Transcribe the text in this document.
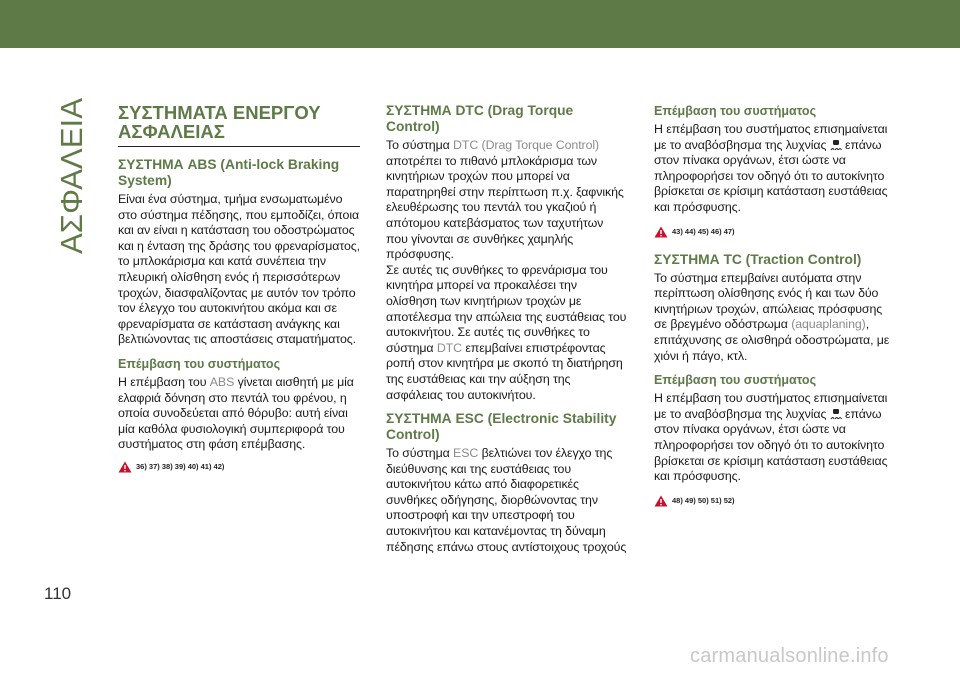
ΑΣΦΑΛΕΙΑ
110
ΣΥΣΤΗΜΑΤΑ ΕΝΕΡΓΟΥ ΑΣΦΑΛΕΙΑΣ
ΣΥΣΤΗΜΑ ABS (Anti-lock Braking System)

Είναι ένα σύστημα, τμήμα ενσωματωμένο στο σύστημα πέδησης, που εμποδίζει, όποια και αν είναι η κατάσταση του οδοστρώματος και η ένταση της δράσης του φρεναρίσματος, το μπλοκάρισμα και κατά συνέπεια την πλευρική ολίσθηση ενός ή περισσότερων τροχών, διασφαλίζοντας με αυτόν τον τρόπο τον έλεγχο του αυτοκινήτου ακόμα και σε φρεναρίσματα σε κατάσταση ανάγκης και βελτιώνοντας τις αποστάσεις σταματήματος.

Επέμβαση του συστήματος

Η επέμβαση του ABS γίνεται αισθητή με μία ελαφριά δόνηση στο πεντάλ του φρένου, η οποία συνοδεύεται από θόρυβο: αυτή είναι μία καθόλα φυσιολογική συμπεριφορά του συστήματος στη φάση επέμβασης.

36) 37) 38) 39) 40) 41) 42)
ΣΥΣΤΗΜΑ DTC (Drag Torque Control)

Το σύστημα DTC (Drag Torque Control) αποτρέπει το πιθανό μπλοκάρισμα των κινητήριων τροχών που μπορεί να παρατηρηθεί στην περίπτωση π.χ. ξαφνικής ελευθέρωσης του πεντάλ του γκαζιού ή απότομου κατεβάσματος των ταχυτήτων που γίνονται σε συνθήκες χαμηλής πρόσφυσης.

Σε αυτές τις συνθήκες το φρενάρισμα του κινητήρα μπορεί να προκαλέσει την ολίσθηση των κινητήριων τροχών με αποτέλεσμα την απώλεια της ευστάθειας του αυτοκινήτου. Σε αυτές τις συνθήκες το σύστημα DTC επεμβαίνει επιστρέφοντας ροπή στον κινητήρα με σκοπό τη διατήρηση της ευστάθειας και την αύξηση της ασφάλειας του αυτοκινήτου.

ΣΥΣΤΗΜΑ ESC (Electronic Stability Control)

Το σύστημα ESC βελτιώνει τον έλεγχο της διεύθυνσης και της ευστάθειας του αυτοκινήτου κάτω από διαφορετικές συνθήκες οδήγησης, διορθώνοντας την υποστροφή και την υπεστροφή του αυτοκινήτου και κατανέμοντας τη δύναμη πέδησης επάνω στους αντίστοιχους τροχούς

Επέμβαση του συστήματος

Η επέμβαση του συστήματος επισημαίνεται με το αναβόσβησμα της λυχνίας
επάνω στον πίνακα οργάνων, έτσι ώστε να πληροφορήσει τον οδηγό ότι το αυτοκίνητο βρίσκεται σε κρίσιμη κατάσταση ευστάθειας και πρόσφυσης.

43) 44) 45) 46) 47)
ΣΥΣΤΗΜΑ TC (Traction Control)

Το σύστημα επεμβαίνει αυτόματα στην περίπτωση ολίσθησης ενός ή και των δύο κινητήριων τροχών, απώλειας πρόσφυσης σε βρεγμένο οδόστρωμα (aquaplaning), επιτάχυνσης σε ολισθηρά οδοστρώματα, με χιόνι ή πάγο, κτλ.

Επέμβαση του συστήματος

Η επέμβαση του συστήματος επισημαίνεται με το αναβόσβησμα της λυχνίας
επάνω στον πίνακα οργάνων, έτσι ώστε να πληροφορήσει τον οδηγό ότι το αυτοκίνητο βρίσκεται σε κρίσιμη κατάσταση ευστάθειας και πρόσφυσης.

48) 49) 50) 51) 52)
carmanualsonline.info
